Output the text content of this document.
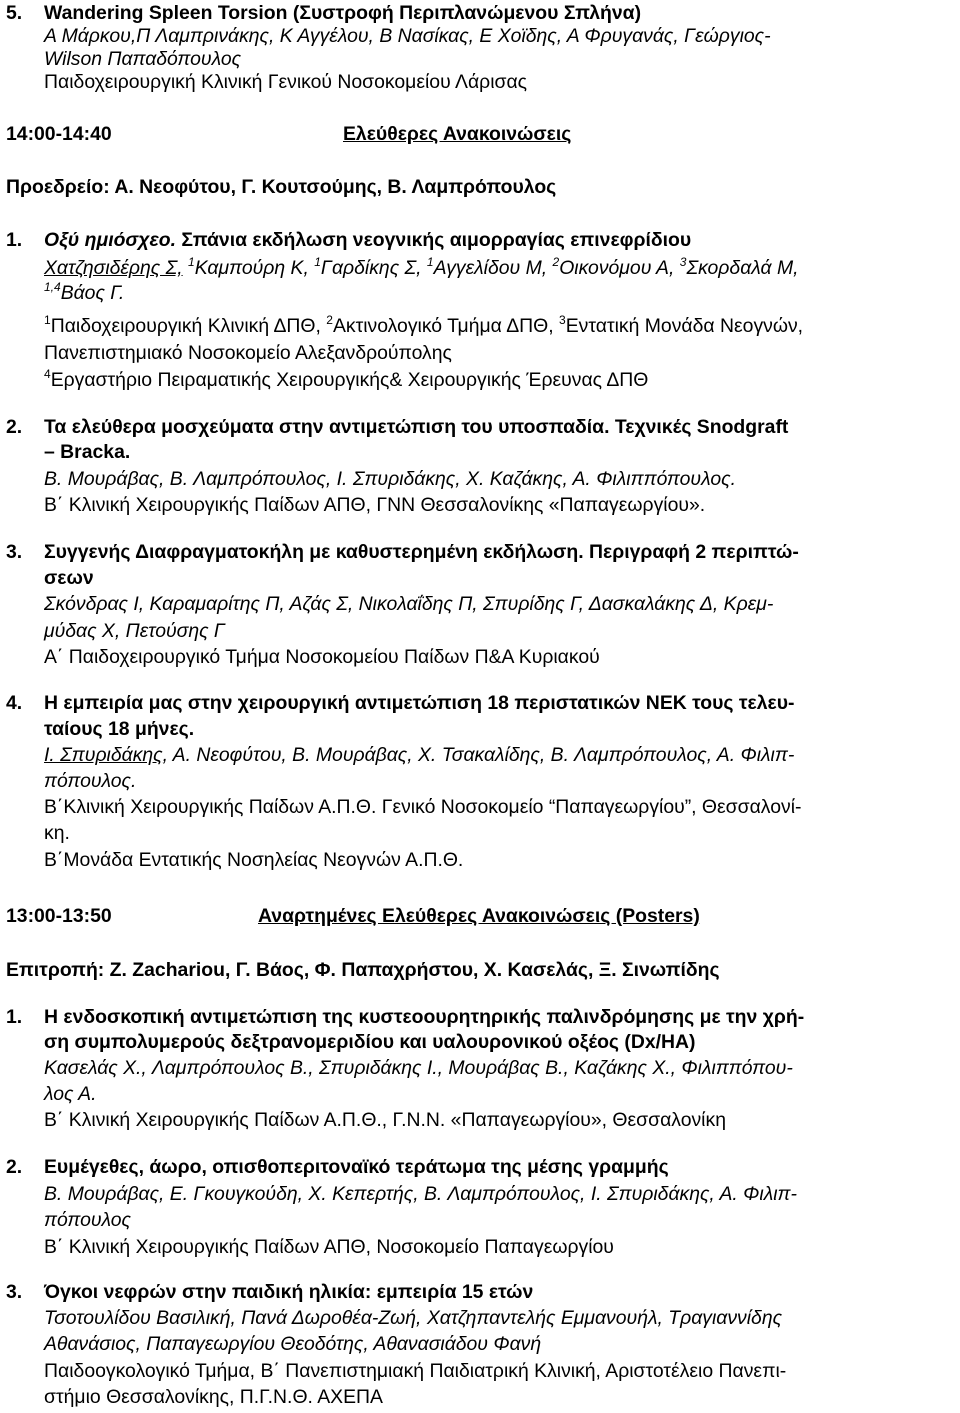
5. Wandering Spleen Torsion (Συστροφή Περιπλανώμενου Σπλήνα)
Α Μάρκου,Π Λαμπρινάκης, Κ Αγγέλου, Β Νασίκας, Ε Χοϊδης, Α Φρυγανάς, Γεώργιος-
Wilson Παπαδόπουλος
Παιδοχειρουργική Κλινική Γενικού Νοσοκομείου Λάρισας
14:00-14:40	Ελεύθερες Ανακοινώσεις
Προεδρείο: Α. Νεοφύτου, Γ. Κουτσούμης, Β. Λαμπρόπουλος
1. Οξύ ημιόσχεο. Σπάνια εκδήλωση νεογνικής αιμορραγίας επινεφρίδιου
Χατζησιδέρης Σ, $^1$Καμπούρη Κ, $^1$Γαρδίκης Σ, $^1$Αγγελίδου Μ, $^2$Οικονόμου Α, $^3$Σκορδαλά Μ,
$^{1,4}$Βάος Γ.
$^1$Παιδοχειρουργική Κλινική ΔΠΘ, $^2$Ακτινολογικό Τμήμα ΔΠΘ, $^3$Εντατική Μονάδα Νεογνών,
Πανεπιστημιακό Νοσοκομείο Αλεξανδρούπολης
$^4$Εργαστήριο Πειραματικής Χειρουργικής& Χειρουργικής Έρευνας ΔΠΘ
2. Τα ελεύθερα μοσχεύματα στην αντιμετώπιση του υποσπαδία. Τεχνικές Snodgraft
– Bracka.
Β. Μουράβας, Β. Λαμπρόπουλος, Ι. Σπυριδάκης, Χ. Καζάκης, Α. Φιλιππόπουλος.
Β΄ Κλινική Χειρουργικής Παίδων ΑΠΘ, ΓΝΝ Θεσσαλονίκης «Παπαγεωργίου».
3. Συγγενής Διαφραγματοκήλη με καθυστερημένη εκδήλωση. Περιγραφή 2 περιπτώ-
σεων
Σκόνδρας Ι, Καραμαρίτης Π, Αζάς Σ, Νικολαΐδης Π, Σπυρίδης Γ, Δασκαλάκης Δ, Κρεμ-
μύδας Χ, Πετούσης Γ
Α΄ Παιδοχειρουργικό Τμήμα Νοσοκομείου Παίδων Π&Α Κυριακού
4. Η εμπειρία μας στην χειρουργική αντιμετώπιση 18 περιστατικών ΝΕΚ τους τελευ-
ταίους 18 μήνες.
Ι. Σπυριδάκης, Α. Νεοφύτου, Β. Μουράβας, Χ. Τσακαλίδης, Β. Λαμπρόπουλος, Α. Φιλιπ-
πόπουλος.
Β΄Κλινική Χειρουργικής Παίδων Α.Π.Θ. Γενικό Νοσοκομείο “Παπαγεωργίου”, Θεσσαλονί-
κη.
Β΄Μονάδα Εντατικής Νοσηλείας Νεογνών Α.Π.Θ.
13:00-13:50	Αναρτημένες Ελεύθερες Ανακοινώσεις (Posters)
Επιτροπή: Ζ. Zachariou, Γ. Βάος, Φ. Παπαχρήστου, Χ. Κασελάς, Ξ. Σινωπίδης
1. Η ενδοσκοπική αντιμετώπιση της κυστεοουρητηρικής παλινδρόμησης με την χρή-
ση συμπολυμερούς δεξτρανομεριδίου και υαλουρονικού οξέος (Dx/HA)
Κασελάς Χ., Λαμπρόπουλος Β., Σπυριδάκης Ι., Μουράβας Β., Καζάκης Χ., Φιλιππόπου-
λος Α.
Β΄ Κλινική Χειρουργικής Παίδων Α.Π.Θ., Γ.Ν.Ν. «Παπαγεωργίου», Θεσσαλονίκη
2. Ευμέγεθες, άωρο, οπισθοπεριτοναϊκό τεράτωμα της μέσης γραμμής
Β. Μουράβας, Ε. Γκουγκούδη, Χ. Κεπερτής, Β. Λαμπρόπουλος, Ι. Σπυριδάκης, Α. Φιλιπ-
πόπουλος
Β΄ Κλινική Χειρουργικής Παίδων ΑΠΘ, Νοσοκομείο Παπαγεωργίου
3. Όγκοι νεφρών στην παιδική ηλικία: εμπειρία 15 ετών
Τσοτουλίδου Βασιλική, Πανά Δωροθέα-Ζωή, Χατζηπαντελής Εμμανουήλ, Τραγιαννίδης
Αθανάσιος, Παπαγεωργίου Θεοδότης, Αθανασιάδου Φανή
Παιδοογκολογικό Τμήμα, Β΄ Πανεπιστημιακή Παιδιατρική Κλινική, Αριστοτέλειο Πανεπι-
στήμιο Θεσσαλονίκης, Π.Γ.Ν.Θ. ΑΧΕΠΑ
